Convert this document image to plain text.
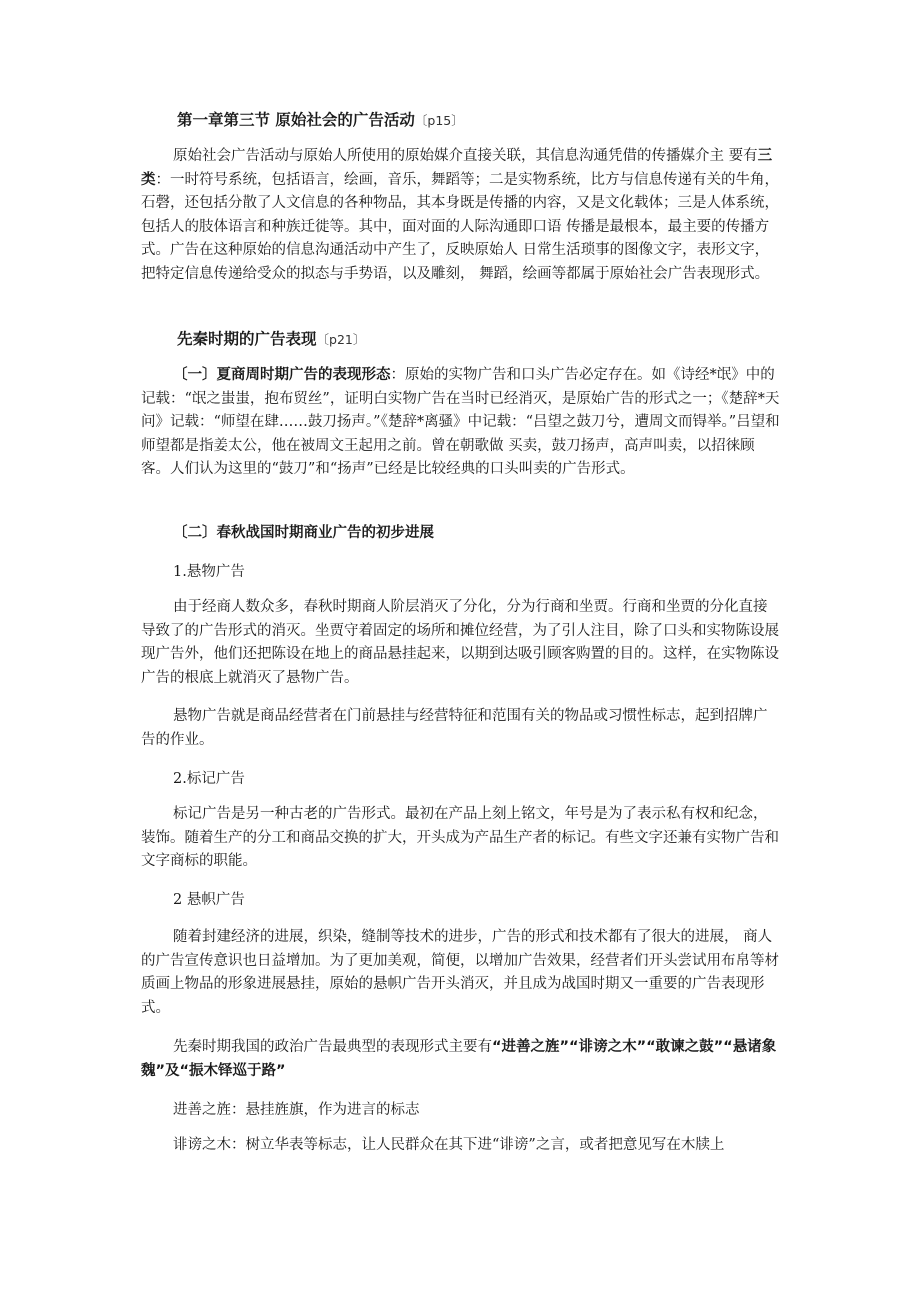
第一章第三节 原始社会的广告活动〔p15〕
原始社会广告活动与原始人所使用的原始媒介直接关联，其信息沟通凭借的传播媒介主 要有三类：一时符号系统，包括语言，绘画，音乐，舞蹈等；二是实物系统，比方与信息传递有关的牛角，石磬，还包括分散了人文信息的各种物品，其本身既是传播的内容，又是文化载体；三是人体系统，包括人的肢体语言和种族迁徙等。其中，面对面的人际沟通即口语 传播是最根本，最主要的传播方式。广告在这种原始的信息沟通活动中产生了，反映原始人 日常生活琐事的图像文字，表形文字，把特定信息传递给受众的拟态与手势语，以及雕刻， 舞蹈，绘画等都属于原始社会广告表现形式。
先秦时期的广告表现〔p21〕
〔一〕夏商周时期广告的表现形态：原始的实物广告和口头广告必定存在。如《诗经*氓》中的记载：“氓之蚩蚩，抱布贸丝”，证明白实物广告在当时已经消灭，是原始广告的形式之一；《楚辞*天问》记载：“师望在肆……鼓刀扬声。”《楚辞*离骚》中记载：“吕望之鼓刀兮，遭周文而锝举。”吕望和师望都是指姜太公，他在被周文王起用之前。曾在朝歌做 买卖，鼓刀扬声，高声叫卖，以招徕顾客。人们认为这里的“鼓刀”和“扬声”已经是比较经典的口头叫卖的广告形式。
〔二〕春秋战国时期商业广告的初步进展
1.悬物广告
由于经商人数众多，春秋时期商人阶层消灭了分化，分为行商和坐贾。行商和坐贾的分化直接导致了的广告形式的消灭。坐贾守着固定的场所和摊位经营，为了引人注目，除了口头和实物陈设展现广告外，他们还把陈设在地上的商品悬挂起来，以期到达吸引顾客购置的目的。这样，在实物陈设广告的根底上就消灭了悬物广告。
悬物广告就是商品经营者在门前悬挂与经营特征和范围有关的物品或习惯性标志，起到招牌广告的作业。
2.标记广告
标记广告是另一种古老的广告形式。最初在产品上刻上铭文，年号是为了表示私有权和纪念，装饰。随着生产的分工和商品交换的扩大，开头成为产品生产者的标记。有些文字还兼有实物广告和文字商标的职能。
2 悬帜广告
随着封建经济的进展，织染，缝制等技术的进步，广告的形式和技术都有了很大的进展， 商人的广告宣传意识也日益增加。为了更加美观，简便，以增加广告效果，经营者们开头尝试用布帛等材质画上物品的形象进展悬挂，原始的悬帜广告开头消灭，并且成为战国时期又一重要的广告表现形式。
先秦时期我国的政治广告最典型的表现形式主要有“进善之旌”“诽谤之木”“敢谏之鼓”“悬诸象魏”及“振木铎巡于路”
进善之旌：悬挂旌旗，作为进言的标志
诽谤之木：树立华表等标志，让人民群众在其下进“诽谤”之言，或者把意见写在木牍上
